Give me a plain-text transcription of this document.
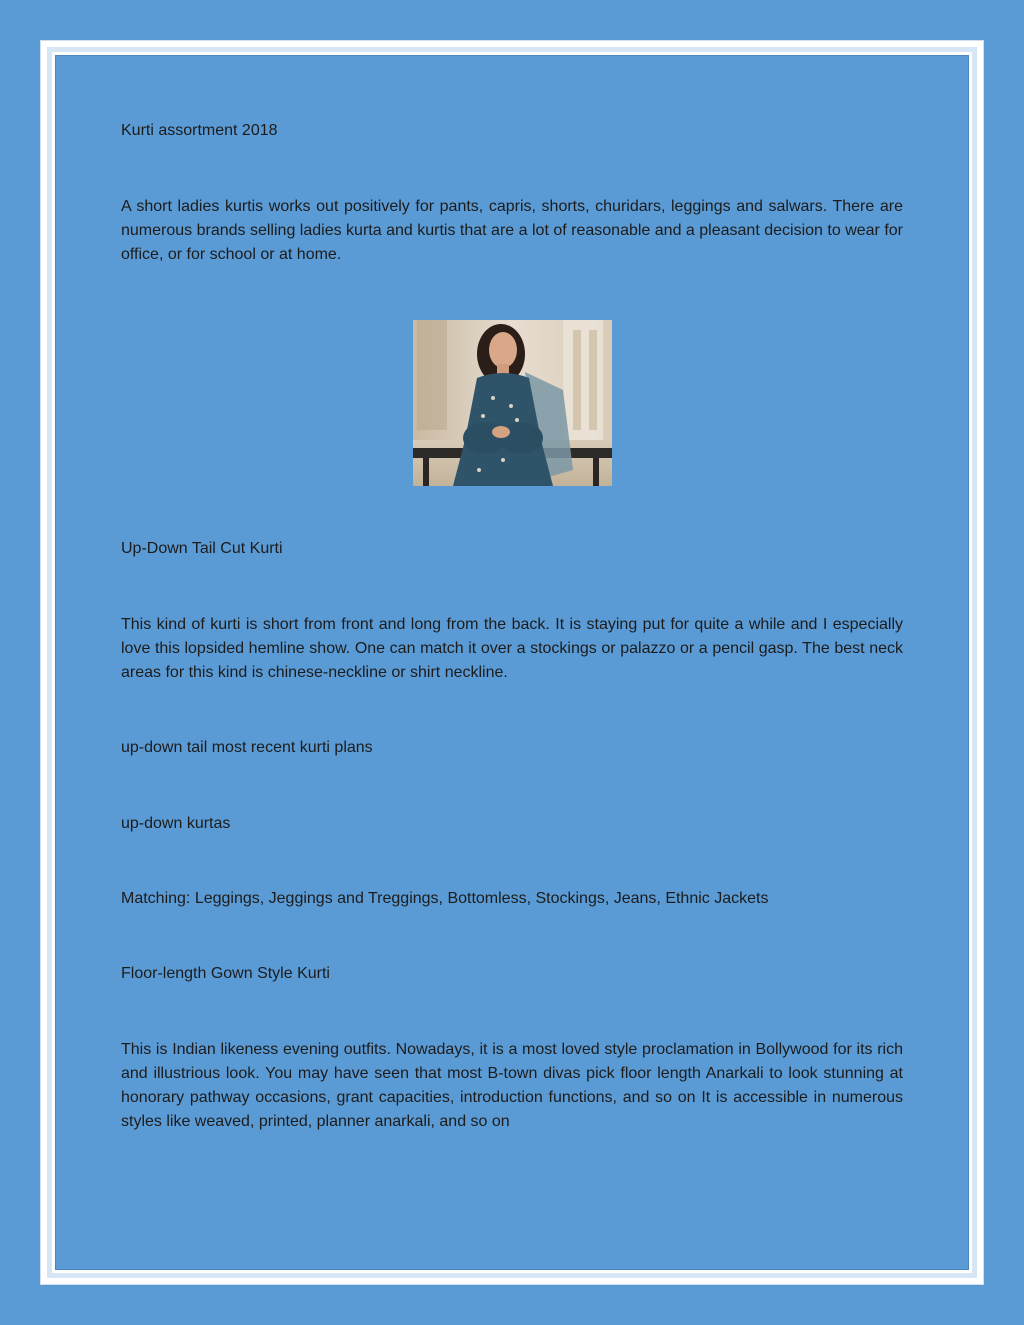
Kurti assortment 2018

A short ladies kurtis works out positively for pants, capris, shorts, churidars, leggings and salwars. There are numerous brands selling ladies kurta and kurtis that are a lot of reasonable and a pleasant decision to wear for office, or for school or at home.

Up-Down Tail Cut Kurti

This kind of kurti is short from front and long from the back. It is staying put for quite a while and I especially love this lopsided hemline show. One can match it over a stockings or palazzo or a pencil gasp. The best neck areas for this kind is chinese-neckline or shirt neckline.

up-down tail most recent kurti plans

up-down kurtas

Matching: Leggings, Jeggings and Treggings, Bottomless, Stockings, Jeans, Ethnic Jackets

Floor-length Gown Style Kurti

This is Indian likeness evening outfits. Nowadays, it is a most loved style proclamation in Bollywood for its rich and illustrious look. You may have seen that most B-town divas pick floor length Anarkali to look stunning at honorary pathway occasions, grant capacities, introduction functions, and so on It is accessible in numerous styles like weaved, printed, planner anarkali, and so on
